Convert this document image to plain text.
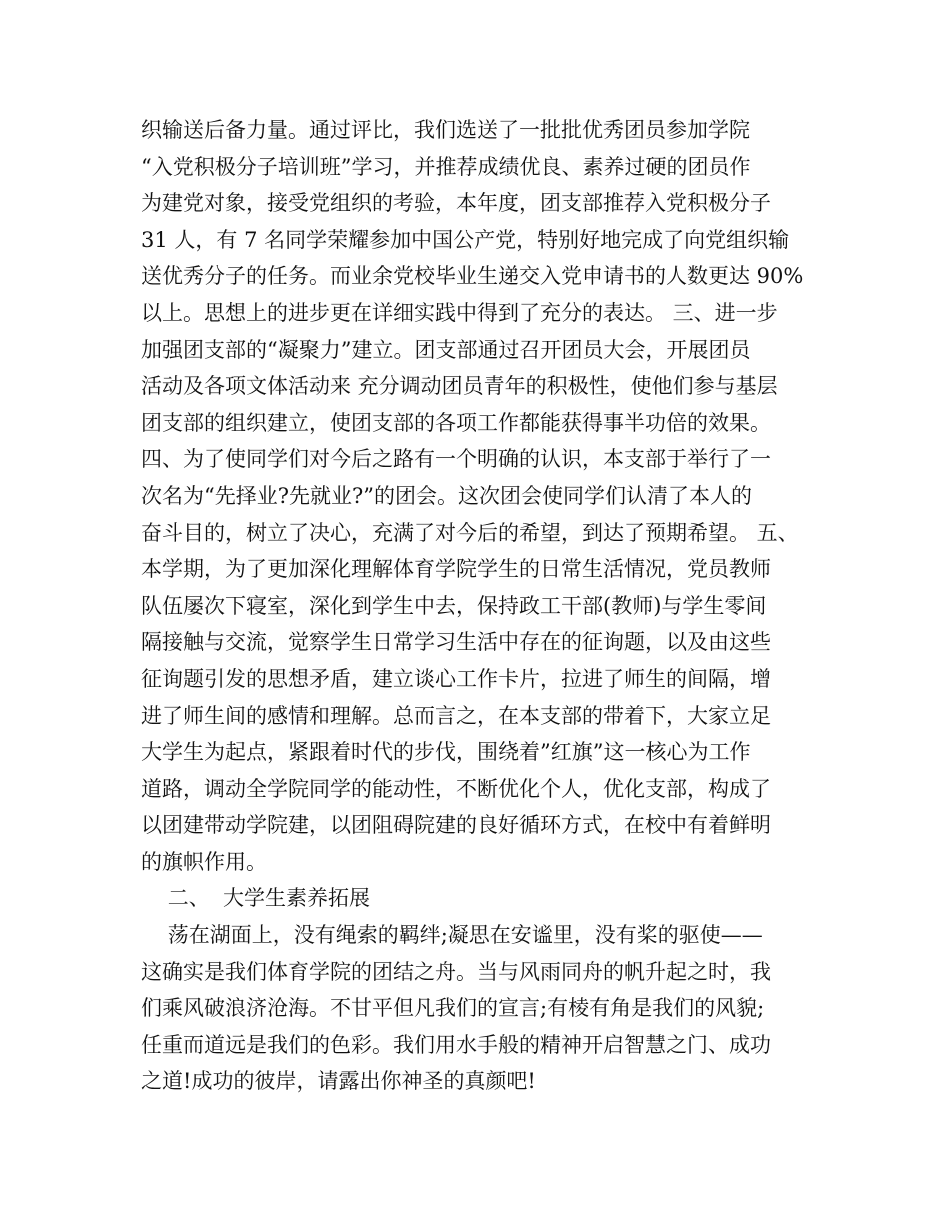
织输送后备力量。通过评比，我们选送了一批批优秀团员参加学院
“入党积极分子培训班”学习，并推荐成绩优良、素养过硬的团员作
为建党对象，接受党组织的考验，本年度，团支部推荐入党积极分子
31 人，有 7 名同学荣耀参加中国公产党，特别好地完成了向党组织输
送优秀分子的任务。而业余党校毕业生递交入党申请书的人数更达 90%
以上。思想上的进步更在详细实践中得到了充分的表达。 三、进一步
加强团支部的“凝聚力”建立。团支部通过召开团员大会，开展团员
活动及各项文体活动来 充分调动团员青年的积极性，使他们参与基层
团支部的组织建立，使团支部的各项工作都能获得事半功倍的效果。
四、为了使同学们对今后之路有一个明确的认识，本支部于举行了一
次名为“先择业?先就业?”的团会。这次团会使同学们认清了本人的
奋斗目的，树立了决心，充满了对今后的希望，到达了预期希望。 五、
本学期，为了更加深化理解体育学院学生的日常生活情况，党员教师
队伍屡次下寝室，深化到学生中去，保持政工干部(教师)与学生零间
隔接触与交流，觉察学生日常学习生活中存在的征询题，以及由这些
征询题引发的思想矛盾，建立谈心工作卡片，拉进了师生的间隔，增
进了师生间的感情和理解。总而言之，在本支部的带着下，大家立足
大学生为起点，紧跟着时代的步伐，围绕着”红旗”这一核心为工作
道路，调动全学院同学的能动性，不断优化个人，优化支部，构成了
以团建带动学院建，以团阻碍院建的良好循环方式，在校中有着鲜明
的旗帜作用。
二、  大学生素养拓展
荡在湖面上，没有绳索的羁绊;凝思在安谧里，没有桨的驱使——
这确实是我们体育学院的团结之舟。当与风雨同舟的帆升起之时，我
们乘风破浪济沧海。不甘平但凡我们的宣言;有棱有角是我们的风貌;
任重而道远是我们的色彩。我们用水手般的精神开启智慧之门、成功
之道!成功的彼岸，请露出你神圣的真颜吧!
